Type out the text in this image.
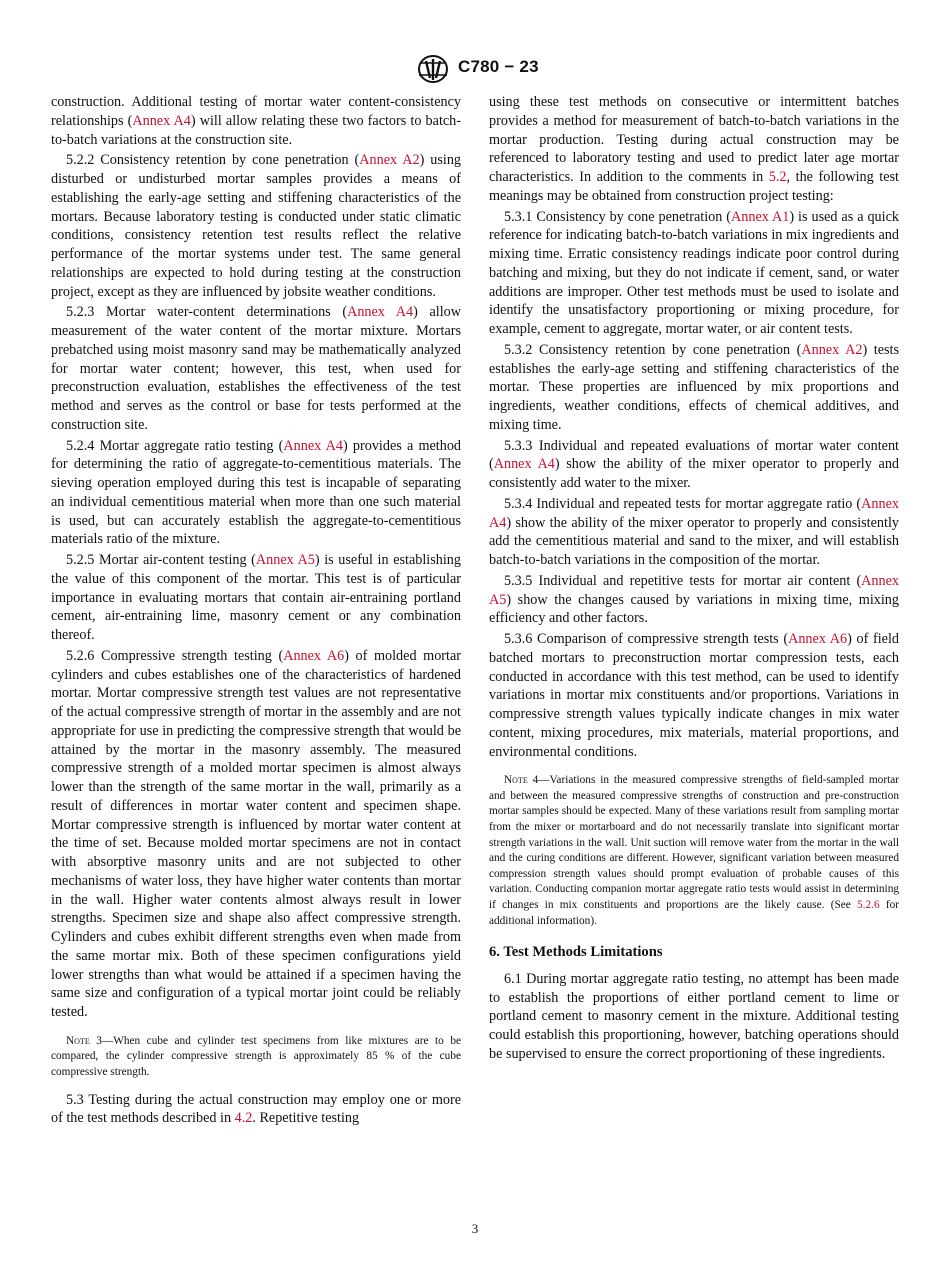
C780 − 23

construction. Additional testing of mortar water content-consistency relationships (Annex A4) will allow relating these two factors to batch-to-batch variations at the construction site.

5.2.2 Consistency retention by cone penetration (Annex A2) using disturbed or undisturbed mortar samples provides a means of establishing the early-age setting and stiffening characteristics of the mortars. Because laboratory testing is conducted under static climatic conditions, consistency retention test results reflect the relative performance of the mortar systems under test. The same general relationships are expected to hold during testing at the construction project, except as they are influenced by jobsite weather conditions.

5.2.3 Mortar water-content determinations (Annex A4) allow measurement of the water content of the mortar mixture. Mortars prebatched using moist masonry sand may be mathematically analyzed for mortar water content; however, this test, when used for preconstruction evaluation, establishes the effectiveness of the test method and serves as the control or base for tests performed at the construction site.

5.2.4 Mortar aggregate ratio testing (Annex A4) provides a method for determining the ratio of aggregate-to-cementitious materials. The sieving operation employed during this test is incapable of separating an individual cementitious material when more than one such material is used, but can accurately establish the aggregate-to-cementitious materials ratio of the mixture.

5.2.5 Mortar air-content testing (Annex A5) is useful in establishing the value of this component of the mortar. This test is of particular importance in evaluating mortars that contain air-entraining portland cement, air-entraining lime, masonry cement or any combination thereof.

5.2.6 Compressive strength testing (Annex A6) of molded mortar cylinders and cubes establishes one of the characteristics of hardened mortar. Mortar compressive strength test values are not representative of the actual compressive strength of mortar in the assembly and are not appropriate for use in predicting the compressive strength that would be attained by the mortar in the masonry assembly. The measured compressive strength of a molded mortar specimen is almost always lower than the strength of the same mortar in the wall, primarily as a result of differences in mortar water content and specimen shape. Mortar compressive strength is influenced by mortar water content at the time of set. Because molded mortar specimens are not in contact with absorptive masonry units and are not subjected to other mechanisms of water loss, they have higher water contents than mortar in the wall. Higher water contents almost always result in lower strengths. Specimen size and shape also affect compressive strength. Cylinders and cubes exhibit different strengths even when made from the same mortar mix. Both of these specimen configurations yield lower strengths than what would be attained if a specimen having the same size and configuration of a typical mortar joint could be reliably tested.

Note 3—When cube and cylinder test specimens from like mixtures are to be compared, the cylinder compressive strength is approximately 85 % of the cube compressive strength.

5.3 Testing during the actual construction may employ one or more of the test methods described in 4.2. Repetitive testing

using these test methods on consecutive or intermittent batches provides a method for measurement of batch-to-batch variations in the mortar production. Testing during actual construction may be referenced to laboratory testing and used to predict later age mortar characteristics. In addition to the comments in 5.2, the following test meanings may be obtained from construction project testing:

5.3.1 Consistency by cone penetration (Annex A1) is used as a quick reference for indicating batch-to-batch variations in mix ingredients and mixing time. Erratic consistency readings indicate poor control during batching and mixing, but they do not indicate if cement, sand, or water additions are improper. Other test methods must be used to isolate and identify the unsatisfactory proportioning or mixing procedure, for example, cement to aggregate, mortar water, or air content tests.

5.3.2 Consistency retention by cone penetration (Annex A2) tests establishes the early-age setting and stiffening characteristics of the mortar. These properties are influenced by mix proportions and ingredients, weather conditions, effects of chemical additives, and mixing time.

5.3.3 Individual and repeated evaluations of mortar water content (Annex A4) show the ability of the mixer operator to properly and consistently add water to the mixer.

5.3.4 Individual and repeated tests for mortar aggregate ratio (Annex A4) show the ability of the mixer operator to properly and consistently add the cementitious material and sand to the mixer, and will establish batch-to-batch variations in the composition of the mortar.

5.3.5 Individual and repetitive tests for mortar air content (Annex A5) show the changes caused by variations in mixing time, mixing efficiency and other factors.

5.3.6 Comparison of compressive strength tests (Annex A6) of field batched mortars to preconstruction mortar compression tests, each conducted in accordance with this test method, can be used to identify variations in mortar mix constituents and/or proportions. Variations in compressive strength values typically indicate changes in mix water content, mixing procedures, mix materials, material proportions, and environmental conditions.

Note 4—Variations in the measured compressive strengths of field-sampled mortar and between the measured compressive strengths of construction and pre-construction mortar samples should be expected. Many of these variations result from sampling mortar from the mixer or mortarboard and do not necessarily translate into significant mortar strength variations in the wall. Unit suction will remove water from the mortar in the wall and the curing conditions are different. However, significant variation between measured compression strength values should prompt evaluation of probable causes of this variation. Conducting companion mortar aggregate ratio tests would assist in determining if changes in mix constituents and proportions are the likely cause. (See 5.2.6 for additional information).
6. Test Methods Limitations

6.1 During mortar aggregate ratio testing, no attempt has been made to establish the proportions of either portland cement to lime or portland cement to masonry cement in the mixture. Additional testing could establish this proportioning, however, batching operations should be supervised to ensure the correct proportioning of these ingredients.

3
